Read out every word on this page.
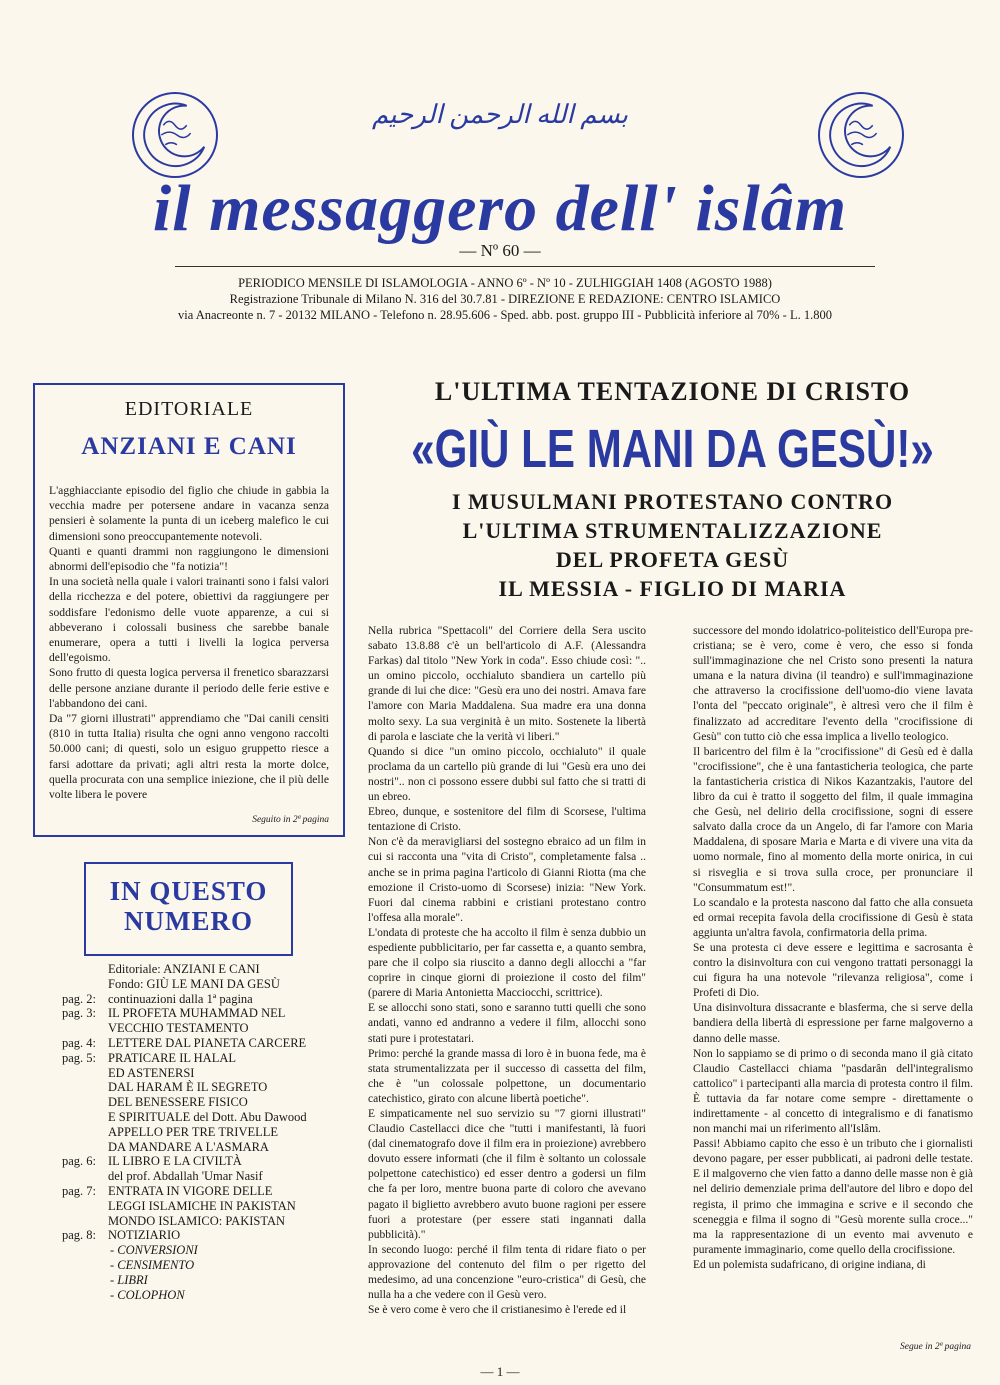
بسم الله الرحمن الرحيم
il messaggero dell' islâm
— Nº 60 —
PERIODICO MENSILE DI ISLAMOLOGIA - ANNO 6º - Nº 10 - ZULHIGGIAH 1408 (AGOSTO 1988)
Registrazione Tribunale di Milano N. 316 del 30.7.81 - DIREZIONE E REDAZIONE: CENTRO ISLAMICO
via Anacreonte n. 7 - 20132 MILANO - Telefono n. 28.95.606 - Sped. abb. post. gruppo III - Pubblicità inferiore al 70% - L. 1.800
EDITORIALE
ANZIANI E CANI

L'agghiacciante episodio del figlio che chiude in gabbia la vecchia madre per potersene andare in vacanza senza pensieri è solamente la punta di un iceberg malefico le cui dimensioni sono preoccupantemente notevoli.

Quanti e quanti drammi non raggiungono le dimensioni abnormi dell'episodio che "fa notizia"!

In una società nella quale i valori trainanti sono i falsi valori della ricchezza e del potere, obiettivi da raggiungere per soddisfare l'edonismo delle vuote apparenze, a cui si abbeverano i colossali business che sarebbe banale enumerare, opera a tutti i livelli la logica perversa dell'egoismo.

Sono frutto di questa logica perversa il frenetico sbarazzarsi delle persone anziane durante il periodo delle ferie estive e l'abbandono dei cani.

Da "7 giorni illustrati" apprendiamo che "Dai canili censiti (810 in tutta Italia) risulta che ogni anno vengono raccolti 50.000 cani; di questi, solo un esiguo gruppetto riesce a farsi adottare da privati; agli altri resta la morte dolce, quella procurata con una semplice iniezione, che il più delle volte libera le povere

Seguito in 2ª pagina
IN QUESTO
NUMERO
Editoriale: ANZIANI E CANI
Fondo: GIÙ LE MANI DA GESÙ
pag. 2: continuazioni dalla 1ª pagina
pag. 3: IL PROFETA MUHAMMAD NEL
VECCHIO TESTAMENTO
pag. 4: LETTERE DAL PIANETA CARCERE
pag. 5: PRATICARE IL HALAL
ED ASTENERSI
DAL HARAM È IL SEGRETO
DEL BENESSERE FISICO
E SPIRITUALE del Dott. Abu Dawood
APPELLO PER TRE TRIVELLE
DA MANDARE A L'ASMARA
pag. 6: IL LIBRO E LA CIVILTÀ
del prof. Abdallah 'Umar Nasif
pag. 7: ENTRATA IN VIGORE DELLE
LEGGI ISLAMICHE IN PAKISTAN
MONDO ISLAMICO: PAKISTAN
pag. 8: NOTIZIARIO
- CONVERSIONI
- CENSIMENTO
- LIBRI
- COLOPHON
L'ULTIMA TENTAZIONE DI CRISTO
«GIÙ LE MANI DA GESÙ!»
I MUSULMANI PROTESTANO CONTRO
L'ULTIMA STRUMENTALIZZAZIONE
DEL PROFETA GESÙ
IL MESSIA - FIGLIO DI MARIA

Nella rubrica "Spettacoli" del Corriere della Sera uscito sabato 13.8.88 c'è un bell'articolo di A.F. (Alessandra Farkas) dal titolo "New York in coda". Esso chiude così: ".. un omino piccolo, occhialuto sbandiera un cartello più grande di lui che dice: "Gesù era uno dei nostri. Amava fare l'amore con Maria Maddalena. Sua madre era una donna molto sexy. La sua verginità è un mito. Sostenete la libertà di parola e lasciate che la verità vi liberi."

Quando si dice "un omino piccolo, occhialuto" il quale proclama da un cartello più grande di lui "Gesù era uno dei nostri".. non ci possono essere dubbi sul fatto che si tratti di un ebreo.

Ebreo, dunque, e sostenitore del film di Scorsese, l'ultima tentazione di Cristo.

Non c'è da meravigliarsi del sostegno ebraico ad un film in cui si racconta una "vita di Cristo", completamente falsa .. anche se in prima pagina l'articolo di Gianni Riotta (ma che emozione il Cristo-uomo di Scorsese) inizia: "New York. Fuori dal cinema rabbini e cristiani protestano contro l'offesa alla morale".

L'ondata di proteste che ha accolto il film è senza dubbio un espediente pubblicitario, per far cassetta e, a quanto sembra, pare che il colpo sia riuscito a danno degli allocchi a "far coprire in cinque giorni di proiezione il costo del film" (parere di Maria Antonietta Macciocchi, scrittrice).

E se allocchi sono stati, sono e saranno tutti quelli che sono andati, vanno ed andranno a vedere il film, allocchi sono stati pure i protestatari.

Primo: perché la grande massa di loro è in buona fede, ma è stata strumentalizzata per il successo di cassetta del film, che è "un colossale polpettone, un documentario catechistico, girato con alcune libertà poetiche".

E simpaticamente nel suo servizio su "7 giorni illustrati" Claudio Castellacci dice che "tutti i manifestanti, là fuori (dal cinematografo dove il film era in proiezione) avrebbero dovuto essere informati (che il film è soltanto un colossale polpettone catechistico) ed esser dentro a godersi un film che fa per loro, mentre buona parte di coloro che avevano pagato il biglietto avrebbero avuto buone ragioni per essere fuori a protestare (per essere stati ingannati dalla pubblicità)."

In secondo luogo: perché il film tenta di ridare fiato o per approvazione del contenuto del film o per rigetto del medesimo, ad una concenzione "euro-cristica" di Gesù, che nulla ha a che vedere con il Gesù vero.

Se è vero come è vero che il cristianesimo è l'erede ed il

successore del mondo idolatrico-politeistico dell'Europa pre-cristiana; se è vero, come è vero, che esso si fonda sull'immaginazione che nel Cristo sono presenti la natura umana e la natura divina (il teandro) e sull'immaginazione che attraverso la crocifissione dell'uomo-dio viene lavata l'onta del "peccato originale", è altresì vero che il film è finalizzato ad accreditare l'evento della "crocifissione di Gesù" con tutto ciò che essa implica a livello teologico.

Il baricentro del film è la "crocifissione" di Gesù ed è dalla "crocifissione", che è una fantasticheria teologica, che parte la fantasticheria cristica di Nikos Kazantzakis, l'autore del libro da cui è tratto il soggetto del film, il quale immagina che Gesù, nel delirio della crocifissione, sogni di essere salvato dalla croce da un Angelo, di far l'amore con Maria Maddalena, di sposare Maria e Marta e di vivere una vita da uomo normale, fino al momento della morte onirica, in cui si risveglia e si trova sulla croce, per pronunciare il "Consummatum est!".

Lo scandalo e la protesta nascono dal fatto che alla consueta ed ormai recepita favola della crocifissione di Gesù è stata aggiunta un'altra favola, confirmatoria della prima.

Se una protesta ci deve essere e legittima e sacrosanta è contro la disinvoltura con cui vengono trattati personaggi la cui figura ha una notevole "rilevanza religiosa", come i Profeti di Dio.

Una disinvoltura dissacrante e blasferma, che si serve della bandiera della libertà di espressione per farne malgoverno a danno delle masse.

Non lo sappiamo se di primo o di seconda mano il già citato Claudio Castellacci chiama "pasdarân dell'integralismo cattolico" i partecipanti alla marcia di protesta contro il film. È tuttavia da far notare come sempre - direttamente o indirettamente - al concetto di integralismo e di fanatismo non manchi mai un riferimento all'Islâm.

Passi! Abbiamo capito che esso è un tributo che i giornalisti devono pagare, per esser pubblicati, ai padroni delle testate. E il malgoverno che vien fatto a danno delle masse non è già nel delirio demenziale prima dell'autore del libro e dopo del regista, il primo che immagina e scrive e il secondo che sceneggia e filma il sogno di "Gesù morente sulla croce..." ma la rappresentazione di un evento mai avvenuto e puramente immaginario, come quello della crocifissione.

Ed un polemista sudafricano, di origine indiana, di

Segue in 2ª pagina
— 1 —
